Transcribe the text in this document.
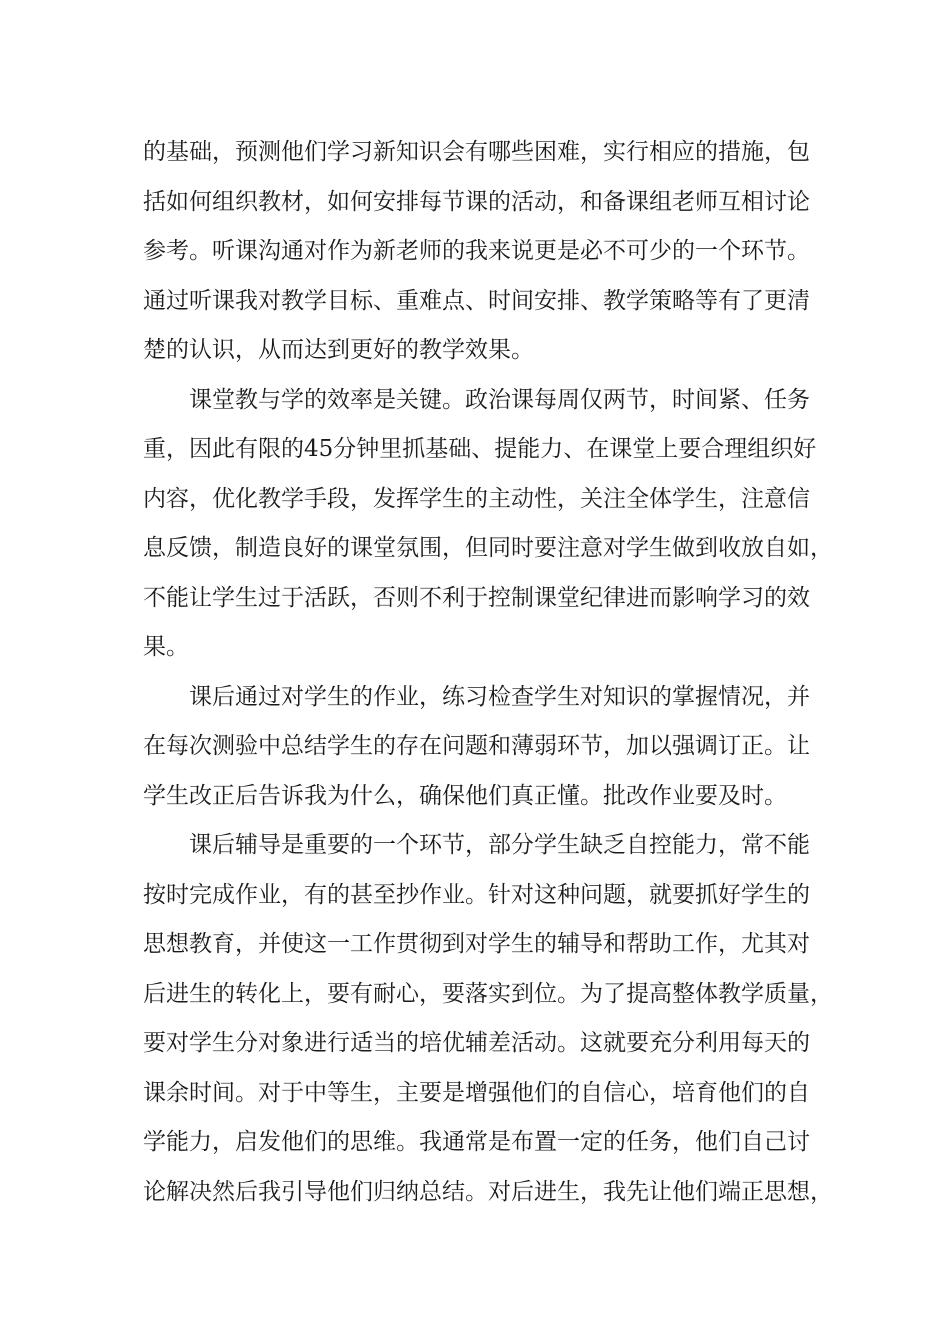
的基础，预测他们学习新知识会有哪些困难，实行相应的措施，包
括如何组织教材，如何安排每节课的活动，和备课组老师互相讨论
参考。听课沟通对作为新老师的我来说更是必不可少的一个环节。
通过听课我对教学目标、重难点、时间安排、教学策略等有了更清
楚的认识，从而达到更好的教学效果。
课堂教与学的效率是关键。政治课每周仅两节，时间紧、任务
重，因此有限的45分钟里抓基础、提能力、在课堂上要合理组织好
内容，优化教学手段，发挥学生的主动性，关注全体学生，注意信
息反馈，制造良好的课堂氛围，但同时要注意对学生做到收放自如，
不能让学生过于活跃，否则不利于控制课堂纪律进而影响学习的效
果。
课后通过对学生的作业，练习检查学生对知识的掌握情况，并
在每次测验中总结学生的存在问题和薄弱环节，加以强调订正。让
学生改正后告诉我为什么，确保他们真正懂。批改作业要及时。
课后辅导是重要的一个环节，部分学生缺乏自控能力，常不能
按时完成作业，有的甚至抄作业。针对这种问题，就要抓好学生的
思想教育，并使这一工作贯彻到对学生的辅导和帮助工作，尤其对
后进生的转化上，要有耐心，要落实到位。为了提高整体教学质量，
要对学生分对象进行适当的培优辅差活动。这就要充分利用每天的
课余时间。对于中等生，主要是增强他们的自信心，培育他们的自
学能力，启发他们的思维。我通常是布置一定的任务，他们自己讨
论解决然后我引导他们归纳总结。对后进生，我先让他们端正思想，
